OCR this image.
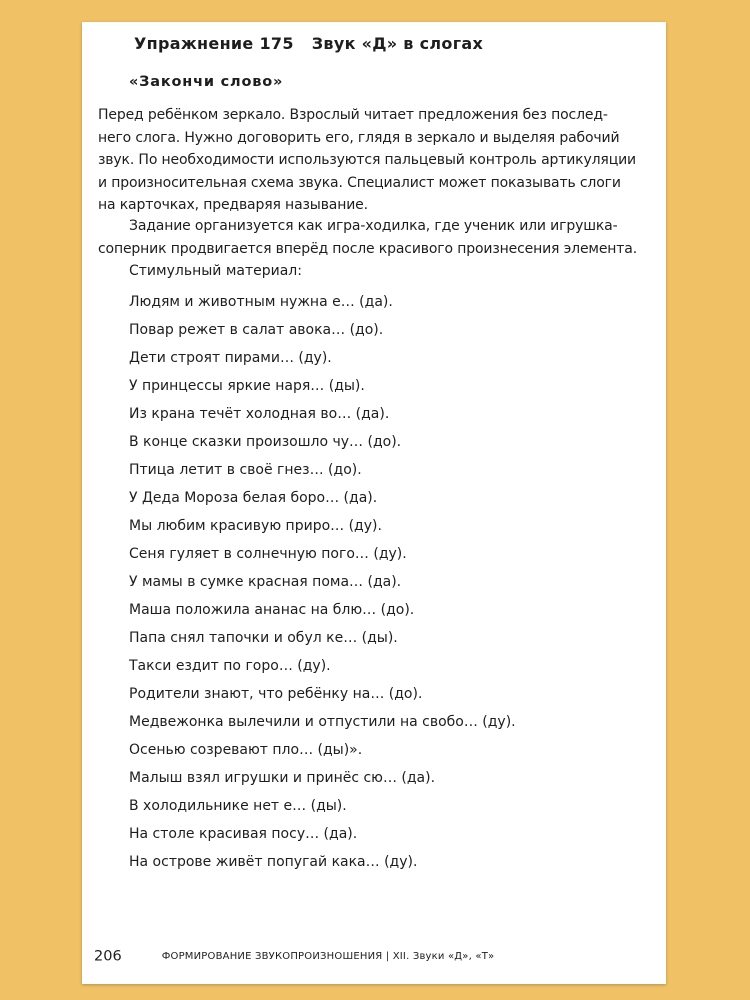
Упражнение 175 Звук «Д» в слогах
«Закончи слово»
Перед ребёнком зеркало. Взрослый читает предложения без послед-
него слога. Нужно договорить его, глядя в зеркало и выделяя рабочий
звук. По необходимости используются пальцевый контроль артикуляции
и произносительная схема звука. Специалист может показывать слоги
на карточках, предваряя называние.
Задание организуется как игра-ходилка, где ученик или игрушка-
соперник продвигается вперёд после красивого произнесения элемента.
Стимульный материал:
Людям и животным нужна е… (да).
Повар режет в салат авока… (до).
Дети строят пирами… (ду).
У принцессы яркие наря… (ды).
Из крана течёт холодная во… (да).
В конце сказки произошло чу… (до).
Птица летит в своё гнез… (до).
У Деда Мороза белая боро… (да).
Мы любим красивую приро… (ду).
Сеня гуляет в солнечную пого… (ду).
У мамы в сумке красная пома… (да).
Маша положила ананас на блю… (до).
Папа снял тапочки и обул ке… (ды).
Такси ездит по горо… (ду).
Родители знают, что ребёнку на… (до).
Медвежонка вылечили и отпустили на свобо… (ду).
Осенью созревают пло… (ды)».
Малыш взял игрушки и принёс сю… (да).
В холодильнике нет е… (ды).
На столе красивая посу… (да).
На острове живёт попугай кака… (ду).
206	ФОРМИРОВАНИЕ ЗВУКОПРОИЗНОШЕНИЯ | XII. Звуки «Д», «Т»
